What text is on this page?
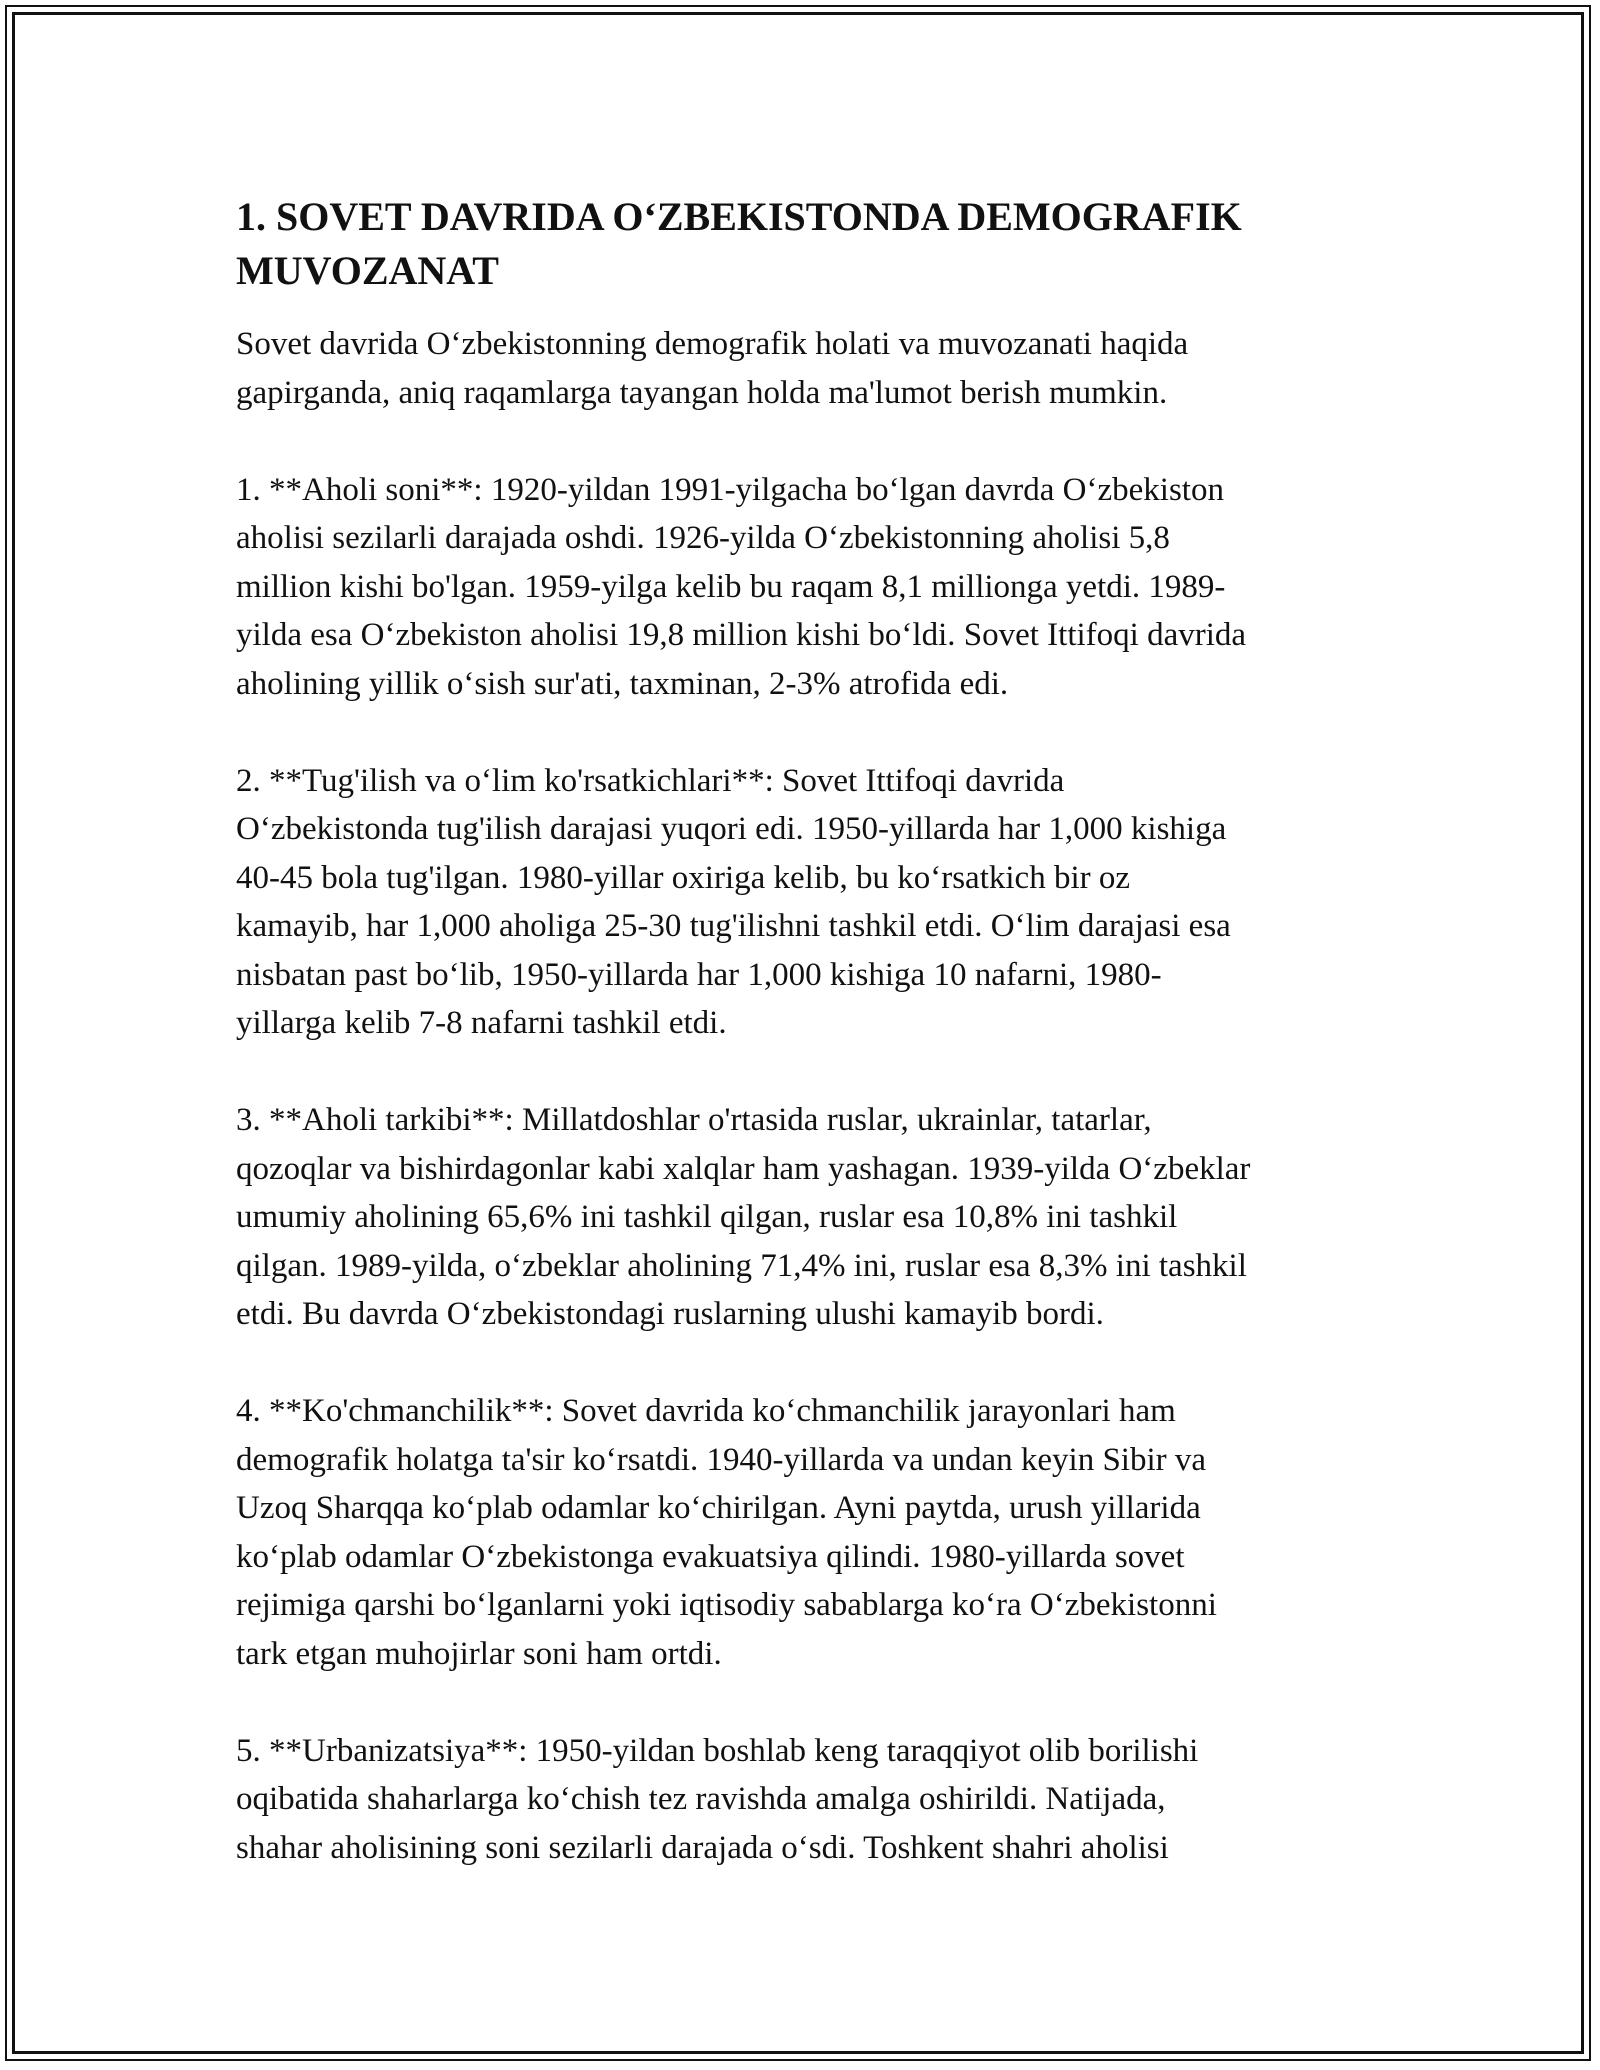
1. SOVET DAVRIDA O‘ZBEKISTONDA DEMOGRAFIK
MUVOZANAT

Sovet davrida O‘zbekistonning demografik holati va muvozanati haqida
gapirganda, aniq raqamlarga tayangan holda ma'lumot berish mumkin.

1. **Aholi soni**: 1920-yildan 1991-yilgacha bo‘lgan davrda O‘zbekiston
aholisi sezilarli darajada oshdi. 1926-yilda O‘zbekistonning aholisi 5,8
million kishi bo'lgan. 1959-yilga kelib bu raqam 8,1 millionga yetdi. 1989-
yilda esa O‘zbekiston aholisi 19,8 million kishi bo‘ldi. Sovet Ittifoqi davrida
aholining yillik o‘sish sur'ati, taxminan, 2-3% atrofida edi.

2. **Tug'ilish va o‘lim ko'rsatkichlari**: Sovet Ittifoqi davrida
O‘zbekistonda tug'ilish darajasi yuqori edi. 1950-yillarda har 1,000 kishiga
40-45 bola tug'ilgan. 1980-yillar oxiriga kelib, bu ko‘rsatkich bir oz
kamayib, har 1,000 aholiga 25-30 tug'ilishni tashkil etdi. O‘lim darajasi esa
nisbatan past bo‘lib, 1950-yillarda har 1,000 kishiga 10 nafarni, 1980-
yillarga kelib 7-8 nafarni tashkil etdi.

3. **Aholi tarkibi**: Millatdoshlar o'rtasida ruslar, ukrainlar, tatarlar,
qozoqlar va bishirdagonlar kabi xalqlar ham yashagan. 1939-yilda O‘zbeklar
umumiy aholining 65,6% ini tashkil qilgan, ruslar esa 10,8% ini tashkil
qilgan. 1989-yilda, o‘zbeklar aholining 71,4% ini, ruslar esa 8,3% ini tashkil
etdi. Bu davrda O‘zbekistondagi ruslarning ulushi kamayib bordi.

4. **Ko'chmanchilik**: Sovet davrida ko‘chmanchilik jarayonlari ham
demografik holatga ta'sir ko‘rsatdi. 1940-yillarda va undan keyin Sibir va
Uzoq Sharqqa ko‘plab odamlar ko‘chirilgan. Ayni paytda, urush yillarida
ko‘plab odamlar O‘zbekistonga evakuatsiya qilindi. 1980-yillarda sovet
rejimiga qarshi bo‘lganlarni yoki iqtisodiy sabablarga ko‘ra O‘zbekistonni
tark etgan muhojirlar soni ham ortdi.

5. **Urbanizatsiya**: 1950-yildan boshlab keng taraqqiyot olib borilishi
oqibatida shaharlarga ko‘chish tez ravishda amalga oshirildi. Natijada,
shahar aholisining soni sezilarli darajada o‘sdi. Toshkent shahri aholisi
